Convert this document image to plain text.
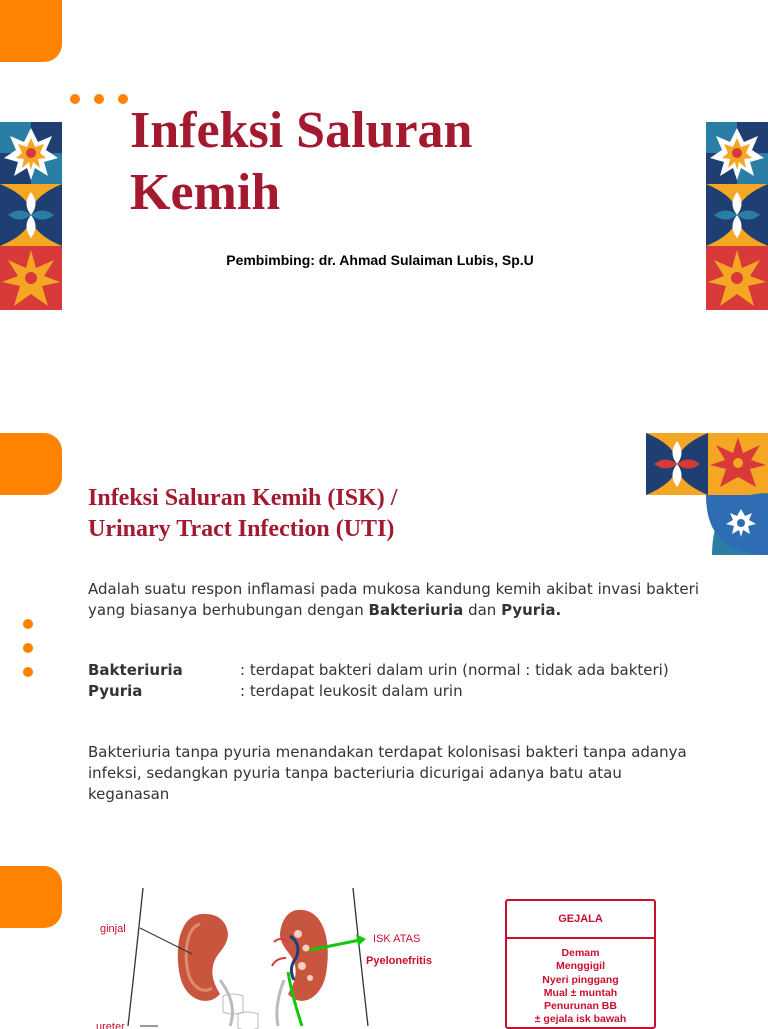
Infeksi Saluran
Kemih
Pembimbing: dr. Ahmad Sulaiman Lubis, Sp.U
Infeksi Saluran Kemih (ISK) /
Urinary Tract Infection (UTI)
Adalah suatu respon inflamasi pada mukosa kandung kemih akibat invasi bakteri yang biasanya berhubungan dengan Bakteriuria dan Pyuria.
Bakteriuria	: terdapat bakteri dalam urin (normal : tidak ada bakteri)
Pyuria	: terdapat leukosit dalam urin
Bakteriuria tanpa pyuria menandakan terdapat kolonisasi bakteri tanpa adanya infeksi, sedangkan pyuria tanpa bacteriuria dicurigai adanya batu atau keganasan
ginjal
ureter
ISK ATAS
Pyelonefritis
GEJALA
Demam
Menggigil
Nyeri pinggang
Mual ± muntah
Penurunan BB
± gejala isk bawah
